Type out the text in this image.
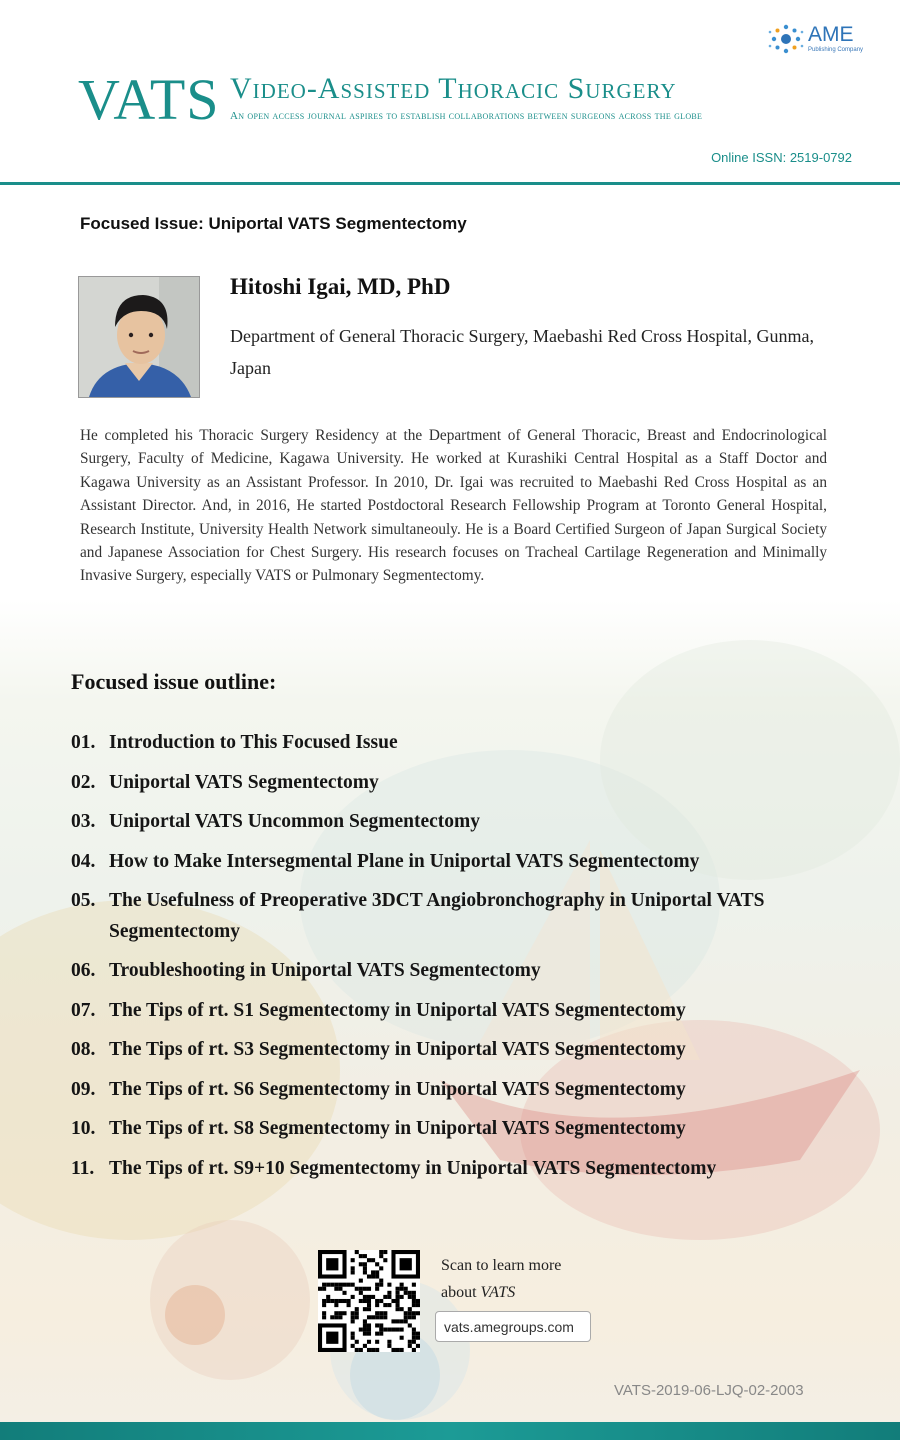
AME
Publishing Company
VATS Video-Assisted Thoracic Surgery
An open access journal aspires to establish collaborations between surgeons across the globe
Online ISSN: 2519-0792
Focused Issue: Uniportal VATS Segmentectomy
Hitoshi Igai, MD, PhD
Department of General Thoracic Surgery, Maebashi Red Cross Hospital, Gunma, Japan

He completed his Thoracic Surgery Residency at the Department of General Thoracic, Breast and Endocrinological Surgery, Faculty of Medicine, Kagawa University. He worked at Kurashiki Central Hospital as a Staff Doctor and Kagawa University as an Assistant Professor. In 2010, Dr. Igai was recruited to Maebashi Red Cross Hospital as an Assistant Director. And, in 2016, He started Postdoctoral Research Fellowship Program at Toronto General Hospital, Research Institute, University Health Network simultaneouly. He is a Board Certified Surgeon of Japan Surgical Society and Japanese Association for Chest Surgery. His research focuses on Tracheal Cartilage Regeneration and Minimally Invasive Surgery, especially VATS or Pulmonary Segmentectomy.

Focused issue outline:
01. Introduction to This Focused Issue
02. Uniportal VATS Segmentectomy
03. Uniportal VATS Uncommon Segmentectomy
04. How to Make Intersegmental Plane in Uniportal VATS Segmentectomy
05. The Usefulness of Preoperative 3DCT Angiobronchography in Uniportal VATS Segmentectomy
06. Troubleshooting in Uniportal VATS Segmentectomy
07. The Tips of rt. S1 Segmentectomy in Uniportal VATS Segmentectomy
08. The Tips of rt. S3 Segmentectomy in Uniportal VATS Segmentectomy
09. The Tips of rt. S6 Segmentectomy in Uniportal VATS Segmentectomy
10. The Tips of rt. S8 Segmentectomy in Uniportal VATS Segmentectomy
11. The Tips of rt. S9+10 Segmentectomy in Uniportal VATS Segmentectomy
Scan to learn more
about VATS
vats.amegroups.com
VATS-2019-06-LJQ-02-2003
